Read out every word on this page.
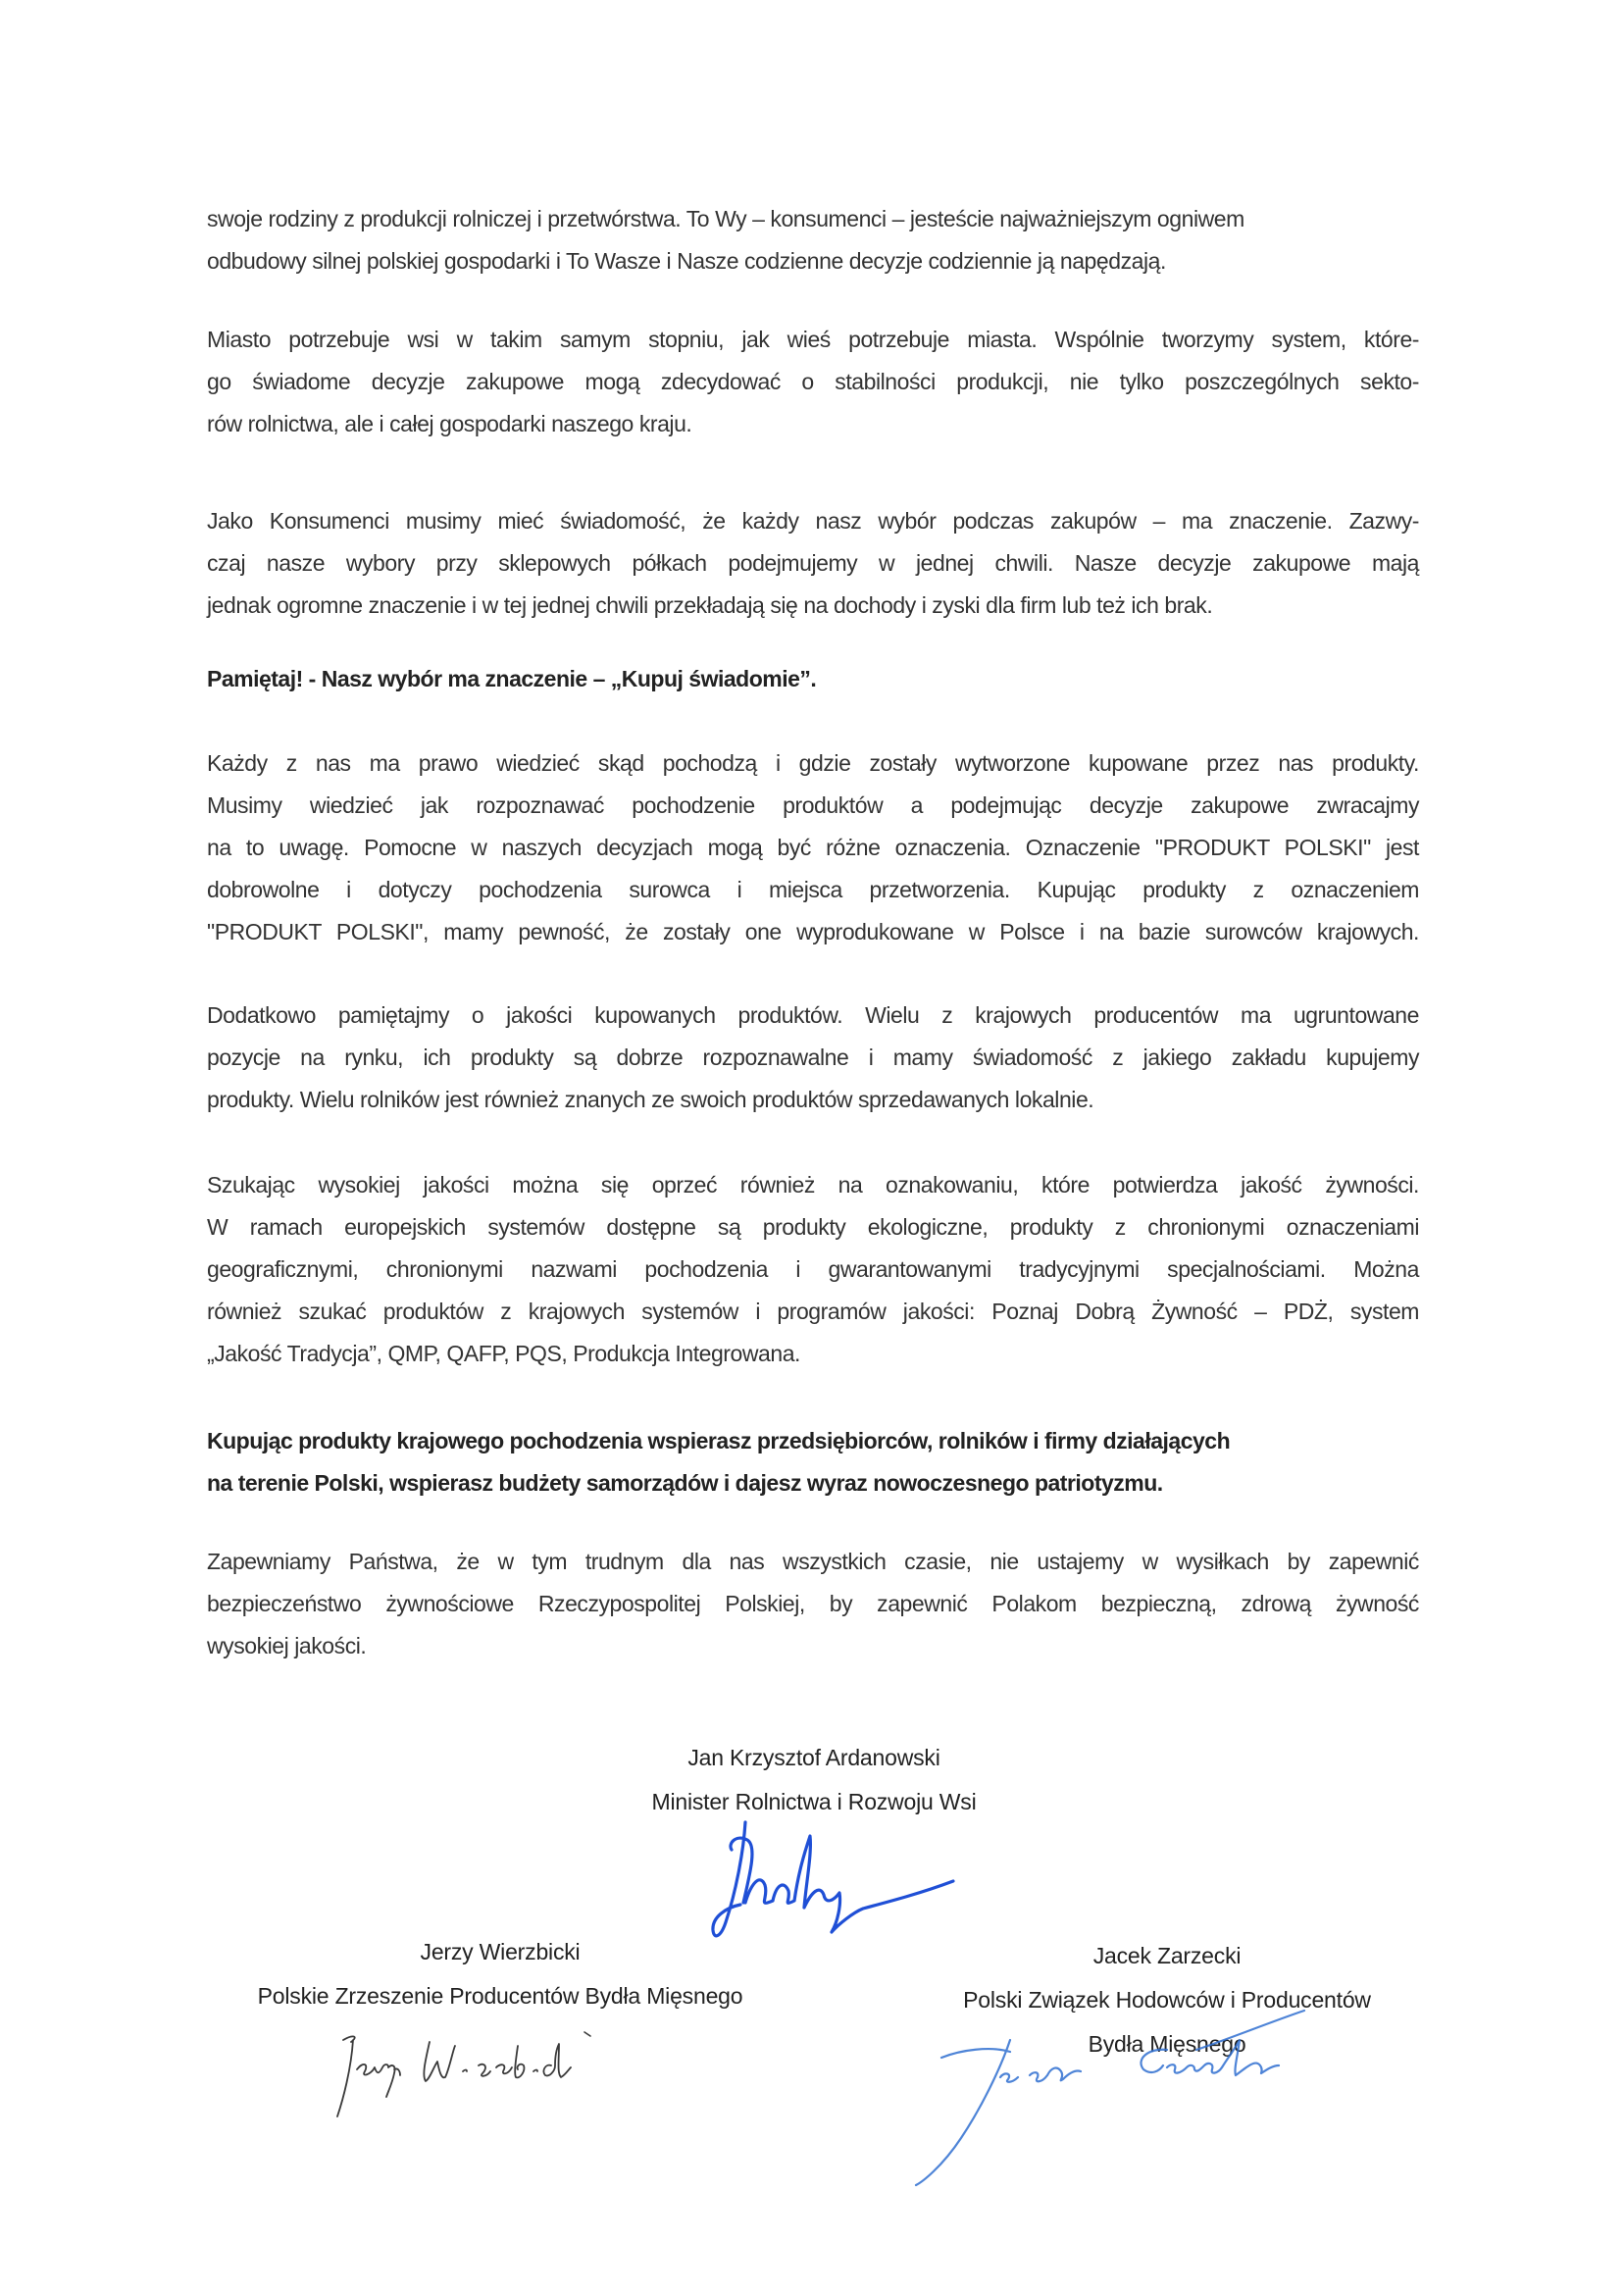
swoje rodziny z produkcji rolniczej i przetwórstwa. To Wy – konsumenci – jesteście najważniejszym ogniwem

odbudowy silnej polskiej gospodarki i To Wasze i Nasze codzienne decyzje codziennie ją napędzają.

Miasto potrzebuje wsi w takim samym stopniu, jak wieś potrzebuje miasta. Wspólnie tworzymy system, które-

go świadome decyzje zakupowe mogą zdecydować o stabilności produkcji, nie tylko poszczególnych sekto-

rów rolnictwa, ale i całej gospodarki naszego kraju.

Jako Konsumenci musimy mieć świadomość, że każdy nasz wybór podczas zakupów – ma znaczenie. Zazwy-

czaj nasze wybory przy sklepowych półkach podejmujemy w jednej chwili. Nasze decyzje zakupowe mają

jednak ogromne znaczenie i w tej jednej chwili przekładają się na dochody i zyski dla firm lub też ich brak.

Pamiętaj! - Nasz wybór ma znaczenie – „Kupuj świadomie”.

Każdy z nas ma prawo wiedzieć skąd pochodzą i gdzie zostały wytworzone kupowane przez nas produkty.

Musimy wiedzieć jak rozpoznawać pochodzenie produktów a podejmując decyzje zakupowe zwracajmy

na to uwagę. Pomocne w naszych decyzjach mogą być różne oznaczenia. Oznaczenie "PRODUKT POLSKI" jest

dobrowolne i dotyczy pochodzenia surowca i miejsca przetworzenia. Kupując produkty z oznaczeniem

"PRODUKT POLSKI", mamy pewność, że zostały one wyprodukowane w Polsce i na bazie surowców krajowych.

Dodatkowo pamiętajmy o jakości kupowanych produktów. Wielu z krajowych producentów ma ugruntowane

pozycje na rynku, ich produkty są dobrze rozpoznawalne i mamy świadomość z jakiego zakładu kupujemy

produkty. Wielu rolników jest również znanych ze swoich produktów sprzedawanych lokalnie.

Szukając wysokiej jakości można się oprzeć również na oznakowaniu, które potwierdza jakość żywności.

W ramach europejskich systemów dostępne są produkty ekologiczne, produkty z chronionymi oznaczeniami

geograficznymi, chronionymi nazwami pochodzenia i gwarantowanymi tradycyjnymi specjalnościami. Można

również szukać produktów z krajowych systemów i programów jakości: Poznaj Dobrą Żywność – PDŻ, system

„Jakość Tradycja”, QMP, QAFP, PQS, Produkcja Integrowana.

Kupując produkty krajowego pochodzenia wspierasz przedsiębiorców, rolników i firmy działających

na terenie Polski, wspierasz budżety samorządów i dajesz wyraz nowoczesnego patriotyzmu.

Zapewniamy Państwa, że w tym trudnym dla nas wszystkich czasie, nie ustajemy w wysiłkach by zapewnić

bezpieczeństwo żywnościowe Rzeczypospolitej Polskiej, by zapewnić Polakom bezpieczną, zdrową żywność

wysokiej jakości.

Jan Krzysztof Ardanowski
Minister Rolnictwa i Rozwoju Wsi
Jerzy Wierzbicki
Polskie Zrzeszenie Producentów Bydła Mięsnego
Jacek Zarzecki
Polski Związek Hodowców i Producentów
Bydła Mięsnego
